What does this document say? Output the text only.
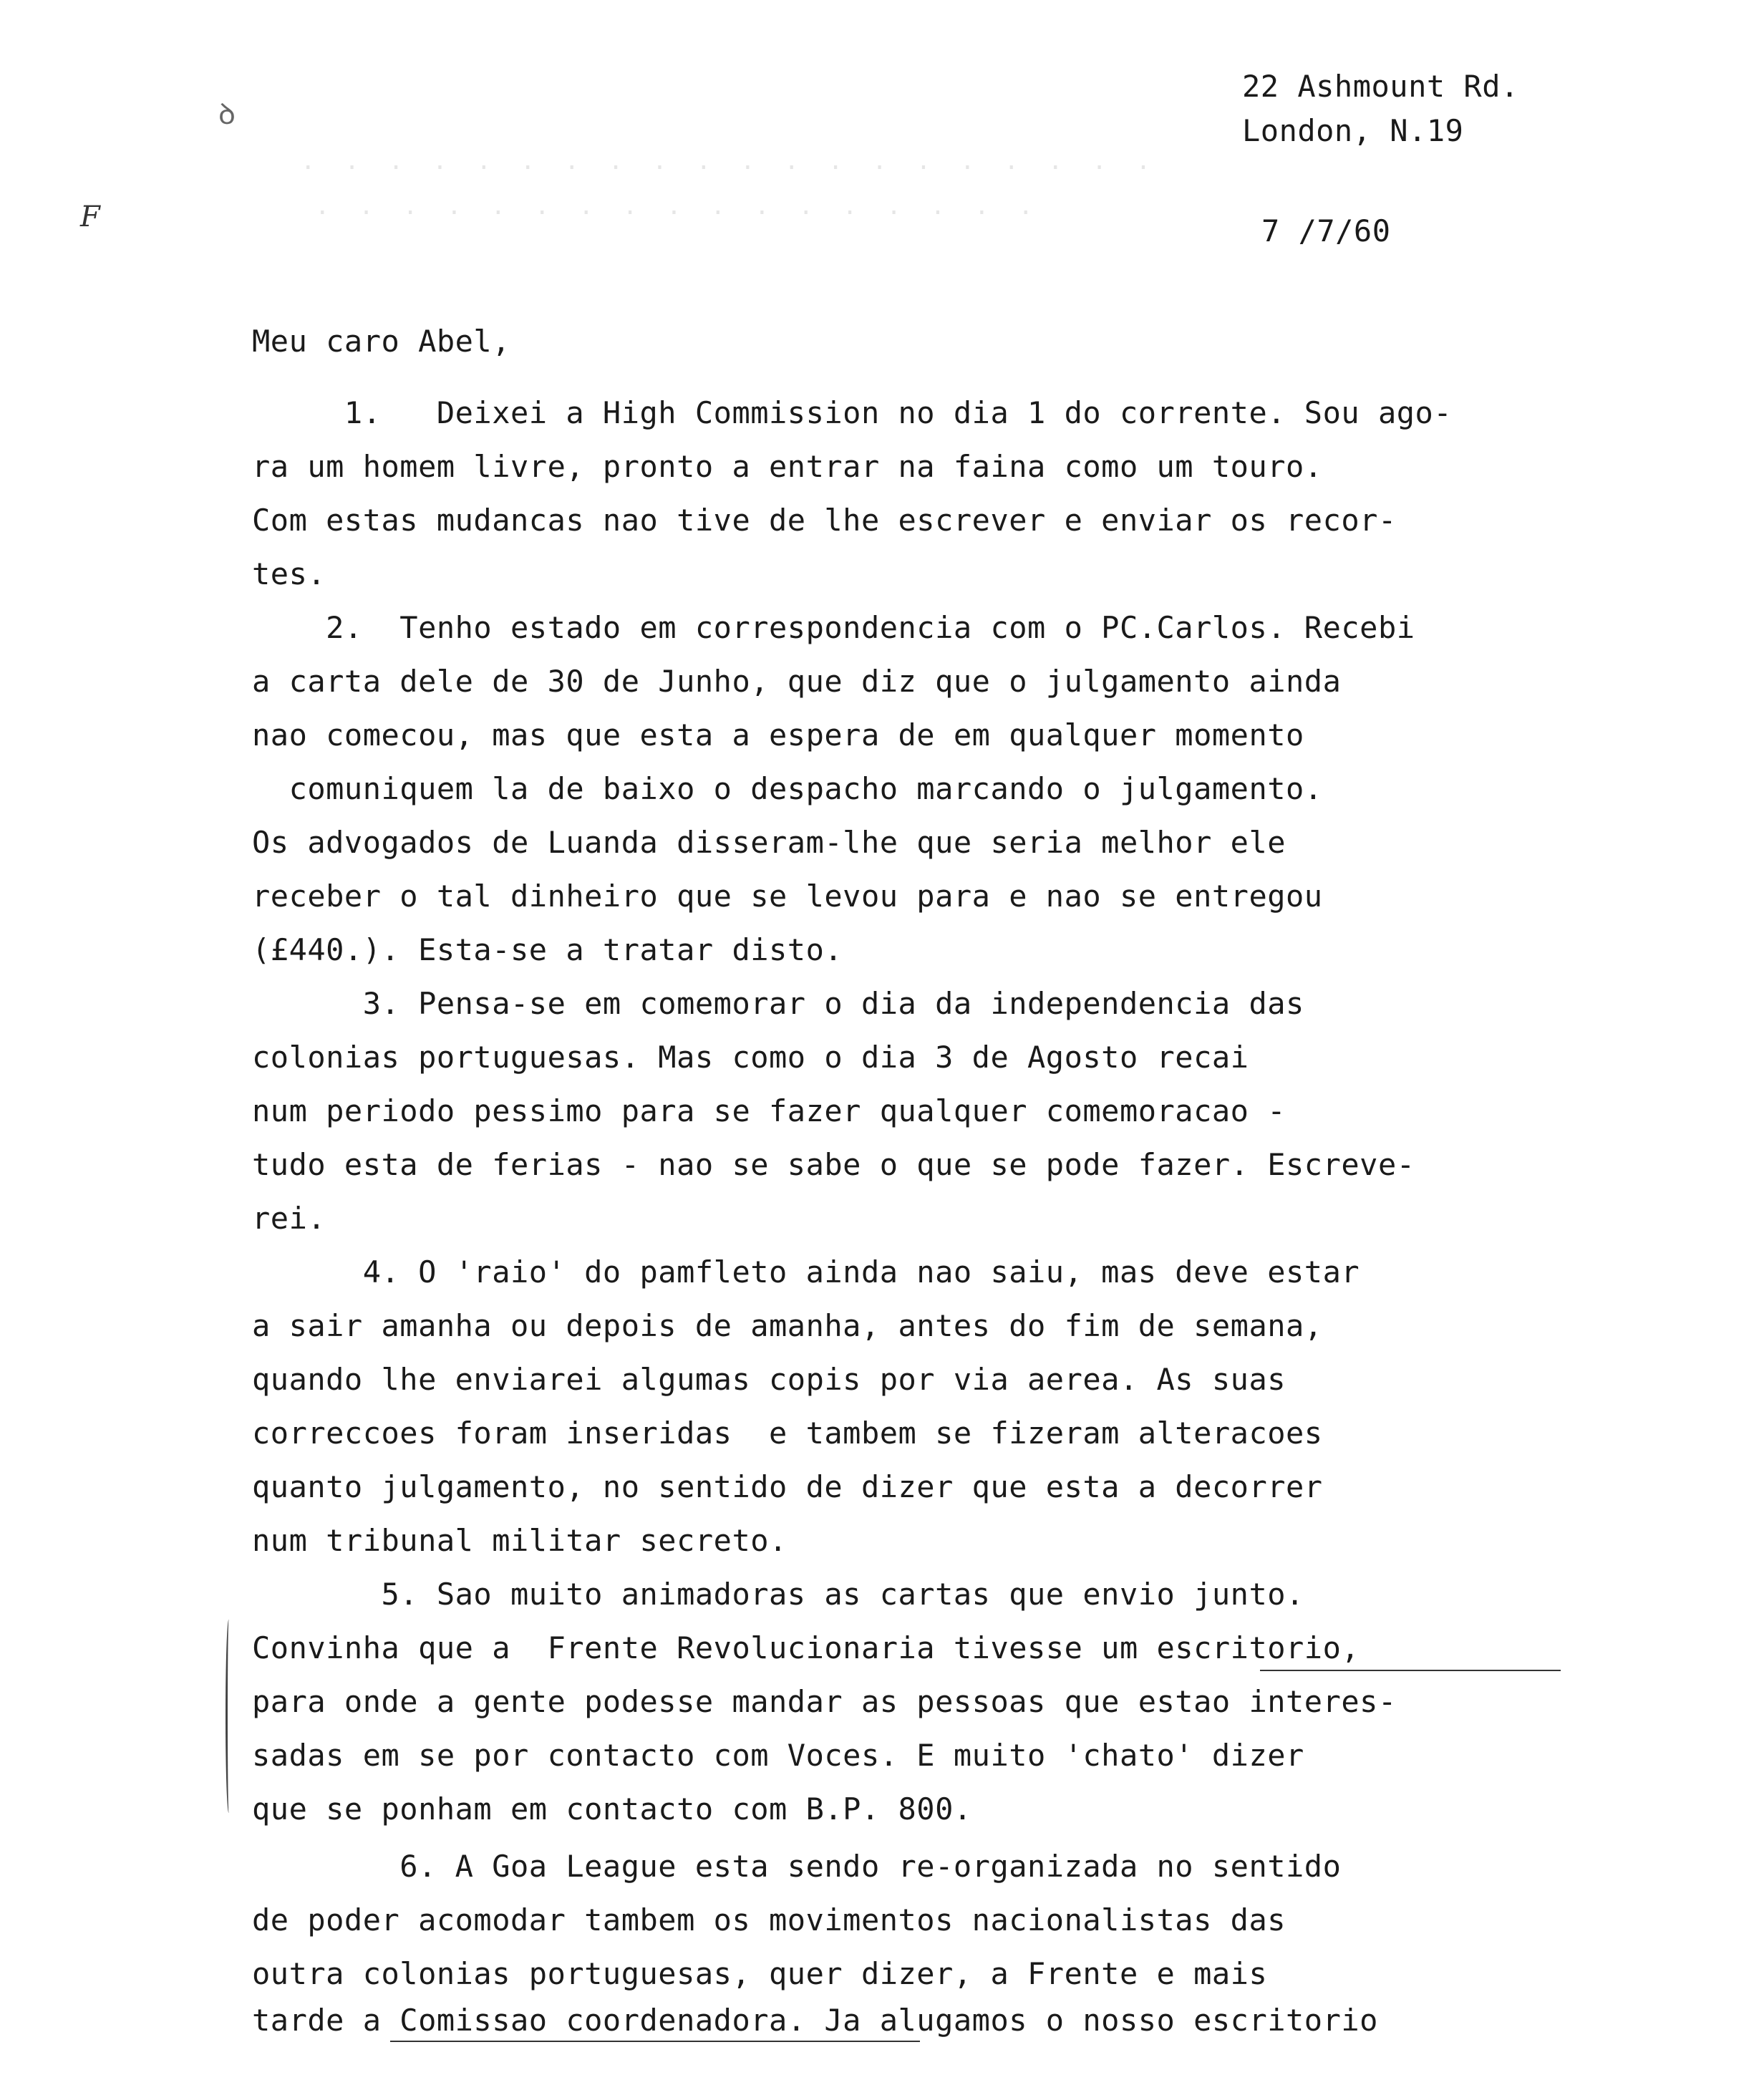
.  .  .  .  .  .  .  .  .  .  .  .  .  .  .  .  .  .  .  .
.  .  .  .  .  .  .  .  .  .  .  .  .  .  .  .  .
ꝺ
F
22 Ashmount Rd.
London, N.19
7 /7/60
Meu caro Abel,
1.   Deixei a High Commission no dia 1 do corrente. Sou ago-
ra um homem livre, pronto a entrar na faina como um touro.
Com estas mudancas nao tive de lhe escrever e enviar os recor-
tes.
2.  Tenho estado em correspondencia com o PC.Carlos. Recebi
a carta dele de 30 de Junho, que diz que o julgamento ainda
nao comecou, mas que esta a espera de em qualquer momento
comuniquem la de baixo o despacho marcando o julgamento.
Os advogados de Luanda disseram-lhe que seria melhor ele
receber o tal dinheiro que se levou para e nao se entregou
(£440.). Esta-se a tratar disto.
3. Pensa-se em comemorar o dia da independencia das
colonias portuguesas. Mas como o dia 3 de Agosto recai
num periodo pessimo para se fazer qualquer comemoracao -
tudo esta de ferias - nao se sabe o que se pode fazer. Escreve-
rei.
4. O 'raio' do pamfleto ainda nao saiu, mas deve estar
a sair amanha ou depois de amanha, antes do fim de semana,
quando lhe enviarei algumas copis por via aerea. As suas
correccoes foram inseridas  e tambem se fizeram alteracoes
quanto julgamento, no sentido de dizer que esta a decorrer
num tribunal militar secreto.
5. Sao muito animadoras as cartas que envio junto.
Convinha que a  Frente Revolucionaria tivesse um escritorio,
para onde a gente podesse mandar as pessoas que estao interes-
sadas em se por contacto com Voces. E muito 'chato' dizer
que se ponham em contacto com B.P. 800.
6. A Goa League esta sendo re-organizada no sentido
de poder acomodar tambem os movimentos nacionalistas das
outra colonias portuguesas, quer dizer, a Frente e mais
tarde a Comissao coordenadora. Ja alugamos o nosso escritorio
